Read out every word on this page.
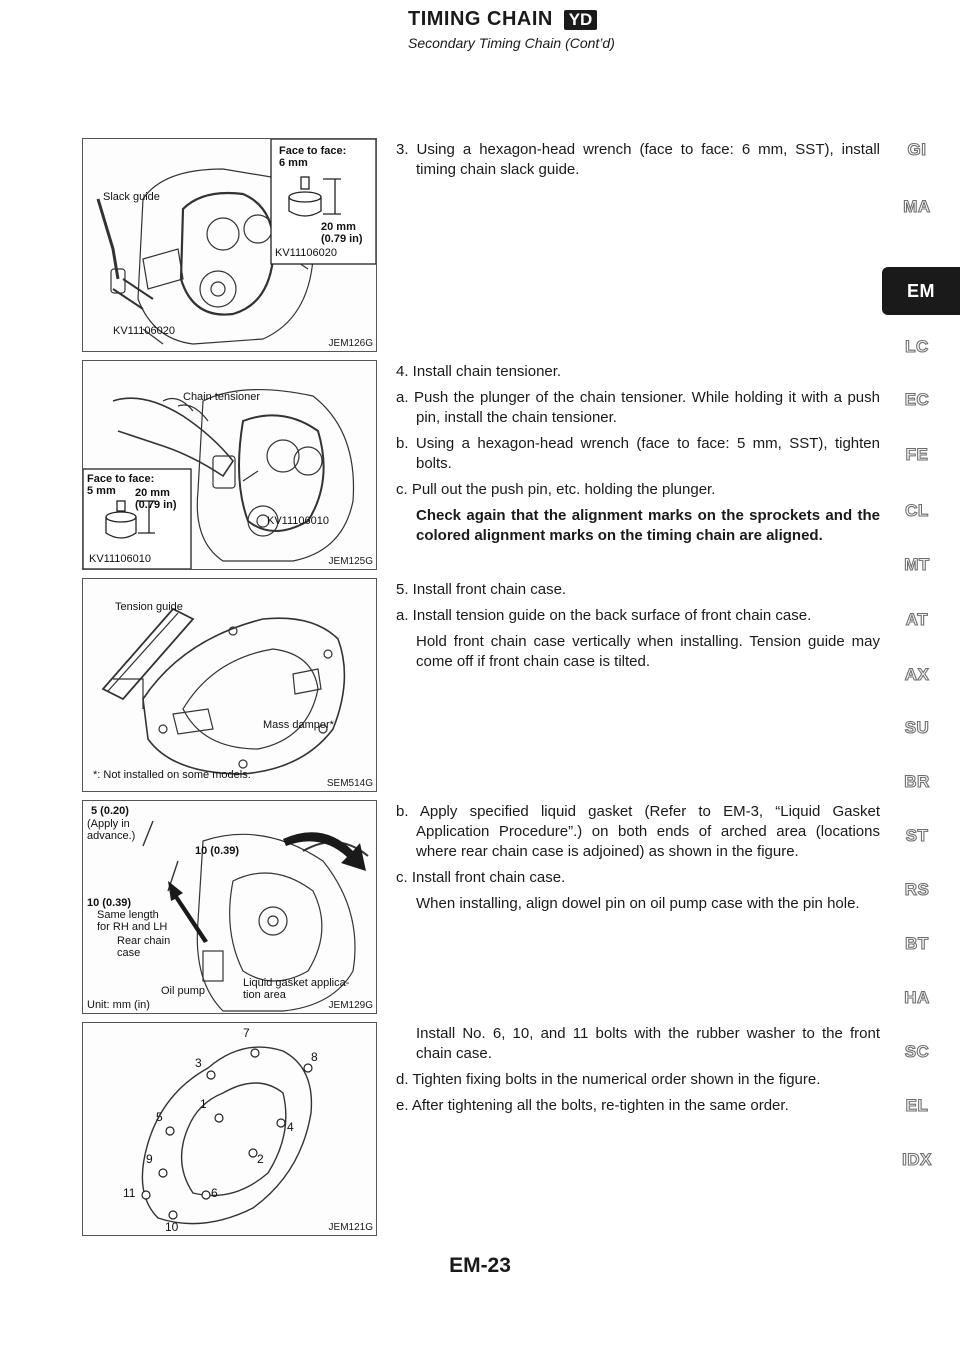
TIMING CHAIN YD
Secondary Timing Chain (Cont’d)
GI
MA
EM
LC
EC
FE
CL
MT
AT
AX
SU
BR
ST
RS
BT
HA
SC
EL
IDX
Slack guide
Face to face:
6 mm
20 mm
(0.79 in)
KV11106020
KV11106020
JEM126G
Chain tensioner
Face to face:
5 mm	20 mm
(0.79 in)
KV11106010
KV11106010	JEM125G
Tension guide
Mass damper*
*: Not installed on some models.
SEM514G
5 (0.20)
(Apply in
advance.)
10 (0.39)
10 (0.39)
Same length
for RH and LH
Rear chain
case
Oil pump
Unit: mm (in)
Liquid gasket applica-
tion area
JEM129G
7
3	8
5
1
4
9	2
11	6
10	JEM121G

3. Using a hexagon-head wrench (face to face: 6 mm, SST), install timing chain slack guide.

4. Install chain tensioner.

a. Push the plunger of the chain tensioner. While holding it with a push pin, install the chain tensioner.

b. Using a hexagon-head wrench (face to face: 5 mm, SST), tighten bolts.

c. Pull out the push pin, etc. holding the plunger.

Check again that the alignment marks on the sprockets and the colored alignment marks on the timing chain are aligned.

5. Install front chain case.

a. Install tension guide on the back surface of front chain case.

Hold front chain case vertically when installing. Tension guide may come off if front chain case is tilted.

b. Apply specified liquid gasket (Refer to EM-3, “Liquid Gasket Application Procedure”.) on both ends of arched area (locations where rear chain case is adjoined) as shown in the figure.

c. Install front chain case.

When installing, align dowel pin on oil pump case with the pin hole.

Install No. 6, 10, and 11 bolts with the rubber washer to the front chain case.

d. Tighten fixing bolts in the numerical order shown in the figure.

e. After tightening all the bolts, re-tighten in the same order.

EM-23
